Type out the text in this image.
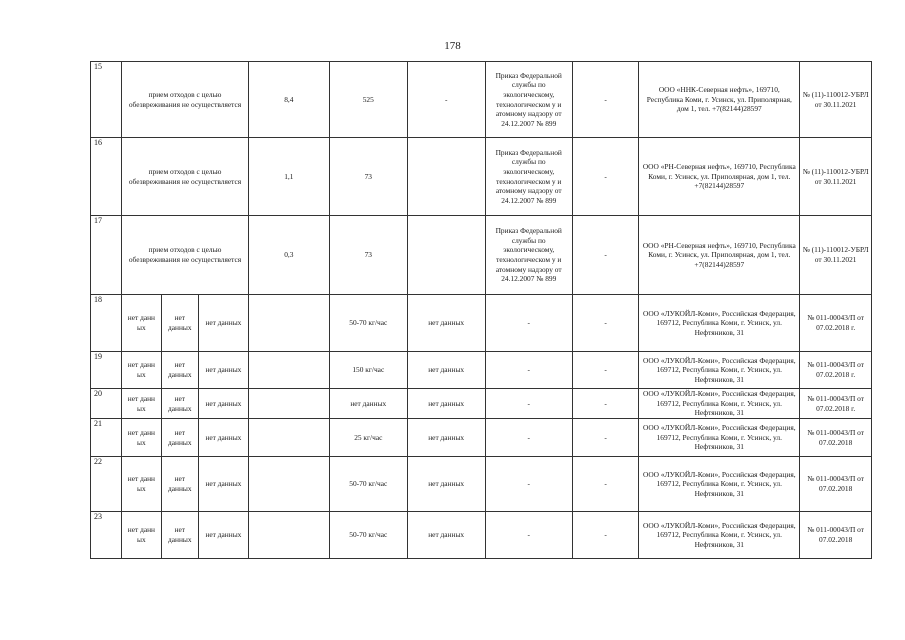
178
15	прием отходов с целью обезвреживания не осуществляется			8,4	525	-	Приказ Федеральной службы по экологическому, технологическом у и атомному надзору от 24.12.2007 № 899	-	ООО «ННК-Северная нефть», 169710, Республика Коми, г. Усинск, ул. Приполярная, дом 1, тел. +7(82144)28597	№ (11)-110012-УБРЛ от 30.11.2021
16	прием отходов с целью обезвреживания не осуществляется			1,1	73		Приказ Федеральной службы по экологическому, технологическом у и атомному надзору от 24.12.2007 № 899	-	ООО «РН-Северная нефть», 169710, Республика Коми, г. Усинск, ул. Приполярная, дом 1, тел. +7(82144)28597	№ (11)-110012-УБРЛ от 30.11.2021
17	прием отходов с целью обезвреживания не осуществляется			0,3	73		Приказ Федеральной службы по экологическому, технологическом у и атомному надзору от 24.12.2007 № 899	-	ООО «РН-Северная нефть», 169710, Республика Коми, г. Усинск, ул. Приполярная, дом 1, тел. +7(82144)28597	№ (11)-110012-УБРЛ от 30.11.2021
18	нет данн ых	нет данных	нет данных		50-70 кг/час	нет данных	-	-	ООО «ЛУКОЙЛ-Коми», Российская Федерация, 169712, Республика Коми, г. Усинск, ул. Нефтяников, 31	№ 011-00043/П от 07.02.2018 г.
19	нет данн ых	нет данных	нет данных		150 кг/час	нет данных	-	-	ООО «ЛУКОЙЛ-Коми», Российская Федерация, 169712, Республика Коми, г. Усинск, ул. Нефтяников, 31	№ 011-00043/П от 07.02.2018 г.
20	нет данн ых	нет данных	нет данных		нет данных	нет данных	-	-	ООО «ЛУКОЙЛ-Коми», Российская Федерация, 169712, Республика Коми, г. Усинск, ул. Нефтяников, 31	№ 011-00043/П от 07.02.2018 г.
21	нет данн ых	нет данных	нет данных		25 кг/час	нет данных	-	-	ООО «ЛУКОЙЛ-Коми», Российская Федерация, 169712, Республика Коми, г. Усинск, ул. Нефтяников, 31	№ 011-00043/П от 07.02.2018
22	нет данн ых	нет данных	нет данных		50-70 кг/час	нет данных	-	-	ООО «ЛУКОЙЛ-Коми», Российская Федерация, 169712, Республика Коми, г. Усинск, ул. Нефтяников, 31	№ 011-00043/П от 07.02.2018
23	нет данн ых	нет данных	нет данных		50-70 кг/час	нет данных	-	-	ООО «ЛУКОЙЛ-Коми», Российская Федерация, 169712, Республика Коми, г. Усинск, ул. Нефтяников, 31	№ 011-00043/П от 07.02.2018
